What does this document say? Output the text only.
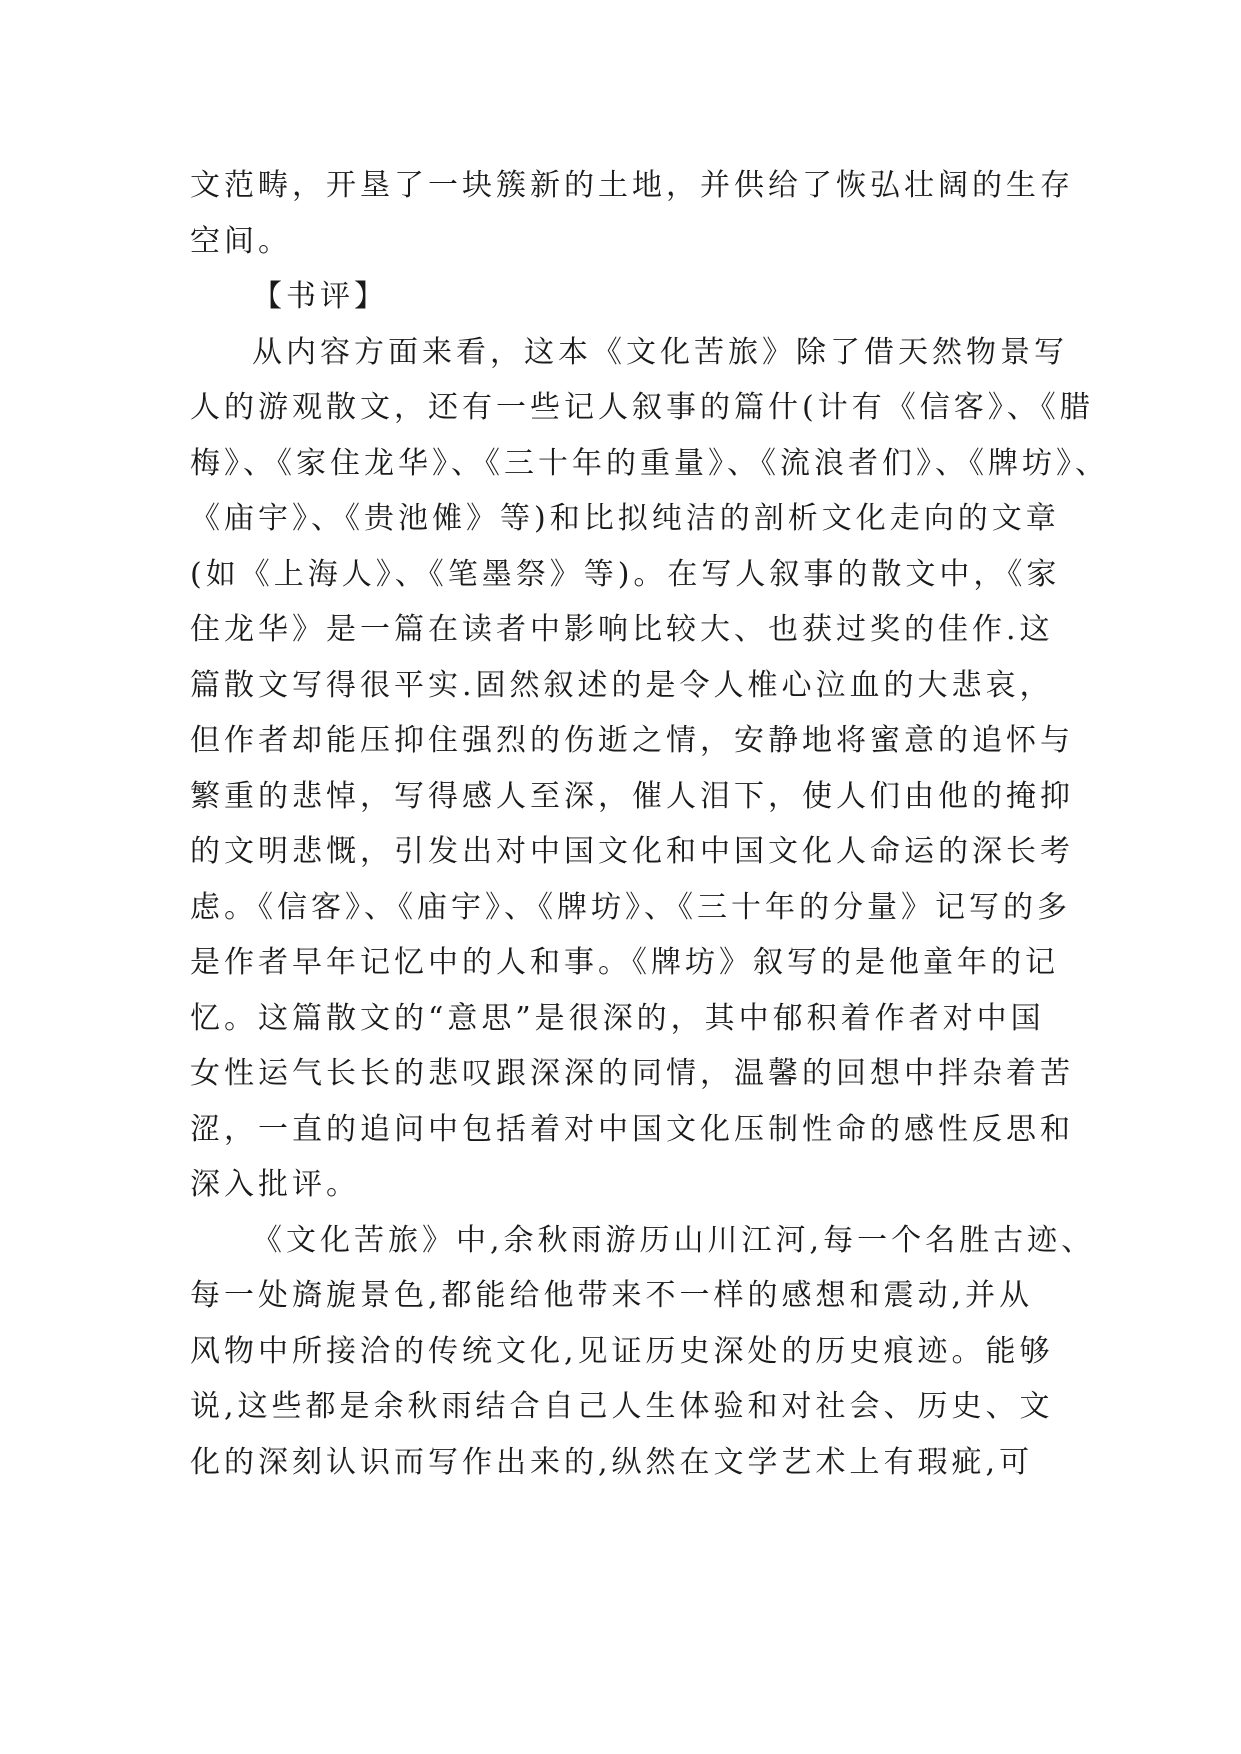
文范畴，开垦了一块簇新的土地，并供给了恢弘壮阔的生存
空间。
【书评】
从内容方面来看，这本《文化苦旅》除了借天然物景写
人的游观散文，还有一些记人叙事的篇什(计有《信客》、《腊
梅》、《家住龙华》、《三十年的重量》、《流浪者们》、《牌坊》、
《庙宇》、《贵池傩》等)和比拟纯洁的剖析文化走向的文章
(如《上海人》、《笔墨祭》等)。在写人叙事的散文中，《家
住龙华》是一篇在读者中影响比较大、也获过奖的佳作.这
篇散文写得很平实.固然叙述的是令人椎心泣血的大悲哀，
但作者却能压抑住强烈的伤逝之情，安静地将蜜意的追怀与
繁重的悲悼，写得感人至深，催人泪下，使人们由他的掩抑
的文明悲慨，引发出对中国文化和中国文化人命运的深长考
虑。《信客》、《庙宇》、《牌坊》、《三十年的分量》记写的多
是作者早年记忆中的人和事。《牌坊》叙写的是他童年的记
忆。这篇散文的“意思”是很深的，其中郁积着作者对中国
女性运气长长的悲叹跟深深的同情，温馨的回想中拌杂着苦
涩，一直的追问中包括着对中国文化压制性命的感性反思和
深入批评。
《文化苦旅》中,余秋雨游历山川江河,每一个名胜古迹、
每一处旖旎景色,都能给他带来不一样的感想和震动,并从
风物中所接洽的传统文化,见证历史深处的历史痕迹。能够
说,这些都是余秋雨结合自己人生体验和对社会、历史、文
化的深刻认识而写作出来的,纵然在文学艺术上有瑕疵,可
